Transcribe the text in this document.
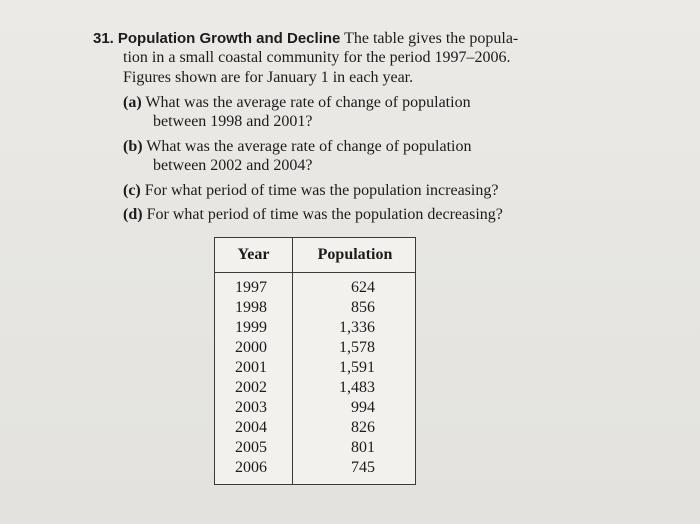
31. Population Growth and Decline The table gives the popula-
tion in a small coastal community for the period 1997–2006.
Figures shown are for January 1 in each year.
(a) What was the average rate of change of population
between 1998 and 2001?
(b) What was the average rate of change of population
between 2002 and 2004?
(c) For what period of time was the population increasing?
(d) For what period of time was the population decreasing?
Year	Population
1997
1998
1999
2000
2001
2002
2003
2004
2005
2006
624
856
1,336
1,578
1,591
1,483
994
826
801
745
